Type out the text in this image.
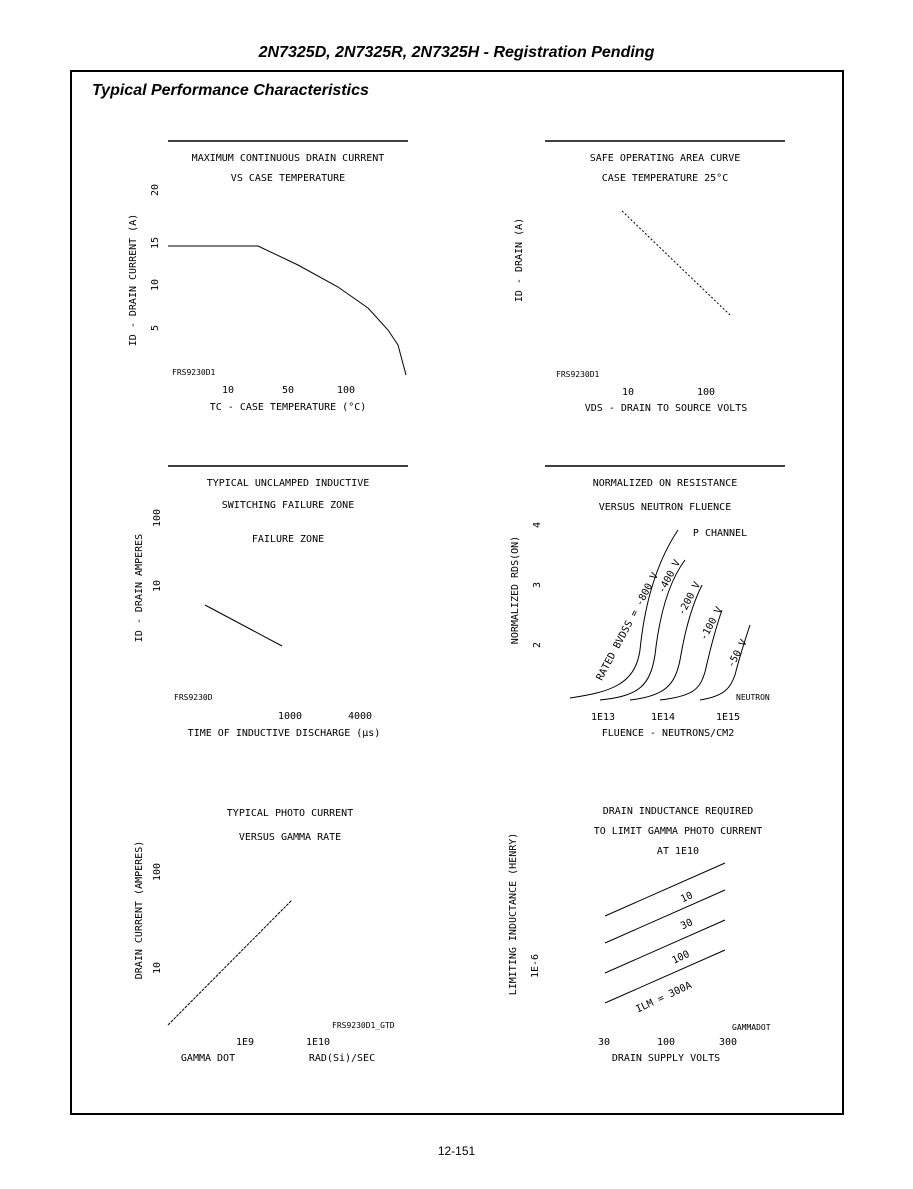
2N7325D, 2N7325R, 2N7325H - Registration Pending
Typical Performance Characteristics
MAXIMUM CONTINUOUS DRAIN CURRENT
VS CASE TEMPERATURE
ID - DRAIN CURRENT (A) 5
10
15
20
FRS9230D1
10	50	100
TC - CASE TEMPERATURE (°C)
SAFE OPERATING AREA CURVE
CASE TEMPERATURE 25°C
ID - DRAIN (A)
FRS9230D1
10	100
VDS - DRAIN TO SOURCE VOLTS
TYPICAL UNCLAMPED INDUCTIVE
SWITCHING FAILURE ZONE
FAILURE ZONE
ID - DRAIN AMPERES 10
100
FRS9230D
1000	4000
TIME OF INDUCTIVE DISCHARGE (µs)
NORMALIZED ON RESISTANCE
VERSUS NEUTRON FLUENCE
P CHANNEL
NORMALIZED RDS(ON)
2
3
4
RATED BVDSS = -800 V
-400 V
-200 V
-100 V
-50 V
NEUTRON
1E13	1E14	1E15
FLUENCE - NEUTRONS/CM2
TYPICAL PHOTO CURRENT
VERSUS GAMMA RATE
DRAIN CURRENT (AMPERES) 10
100
FRS9230D1_GTD
1E9	1E10
GAMMA DOT	RAD(Si)/SEC
DRAIN INDUCTANCE REQUIRED
TO LIMIT GAMMA PHOTO CURRENT
AT 1E10
LIMITING INDUCTANCE (HENRY) 1E-6
10
30
100
ILM = 300A
GAMMADOT
30	100	300
DRAIN SUPPLY VOLTS
12-151
